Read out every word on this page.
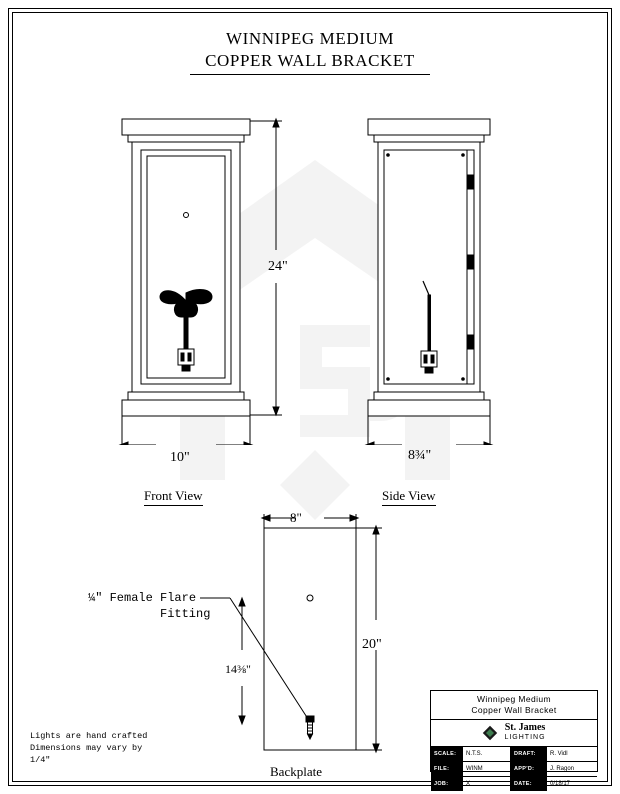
WINNIPEG MEDIUM
COPPER WALL BRACKET
24"
10"
Front View
8¾"
Side View
8"
20"
14⅜"
¼" Female Flare
Fitting
Backplate
Lights are hand crafted
Dimensions may vary by
1/4"
Winnipeg Medium
Copper Wall Bracket
St. James
LIGHTING
SCALE:	N.T.S.	DRAFT:	R. Vidl
FILE:	WINM	APP'D:	J. Ragon
JOB:	X	DATE:	0/18/17
